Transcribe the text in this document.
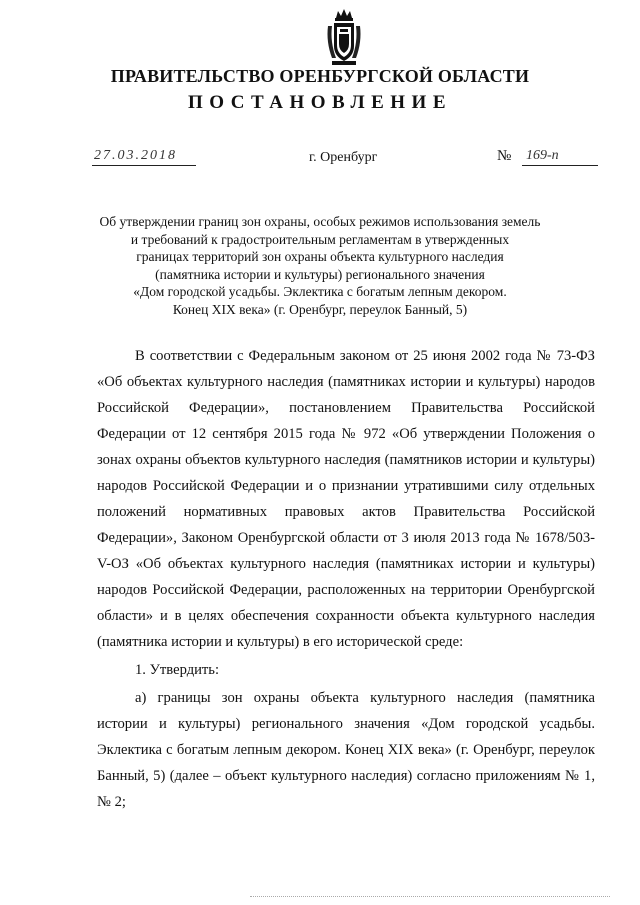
ПРАВИТЕЛЬСТВО ОРЕНБУРГСКОЙ ОБЛАСТИ
ПОСТАНОВЛЕНИЕ
27.03.2018	г. Оренбург	№ 169-п
Об утверждении границ зон охраны, особых режимов использования земель
и требований к градостроительным регламентам в утвержденных
границах территорий зон охраны объекта культурного наследия
(памятника истории и культуры) регионального значения
«Дом городской усадьбы. Эклектика с богатым лепным декором.
Конец XIX века» (г. Оренбург, переулок Банный, 5)

В соответствии с Федеральным законом от 25 июня 2002 года № 73-ФЗ «Об объектах культурного наследия (памятниках истории и культуры) народов Российской Федерации», постановлением Правительства Российской Федерации от 12 сентября 2015 года № 972 «Об утверждении Положения о зонах охраны объектов культурного наследия (памятников истории и культуры) народов Российской Федерации и о признании утратившими силу отдельных положений нормативных правовых актов Правительства Российской Федерации», Законом Оренбургской области от 3 июля 2013 года № 1678/503-V-ОЗ «Об объектах культурного наследия (памятниках истории и культуры) народов Российской Федерации, расположенных на территории Оренбургской области» и в целях обеспечения сохранности объекта культурного наследия (памятника истории и культуры) в его исторической среде:

1. Утвердить:

а) границы зон охраны объекта культурного наследия (памятника истории и культуры) регионального значения «Дом городской усадьбы. Эклектика с богатым лепным декором. Конец XIX века» (г. Оренбург, переулок Банный, 5) (далее – объект культурного наследия) согласно приложениям № 1, № 2;
